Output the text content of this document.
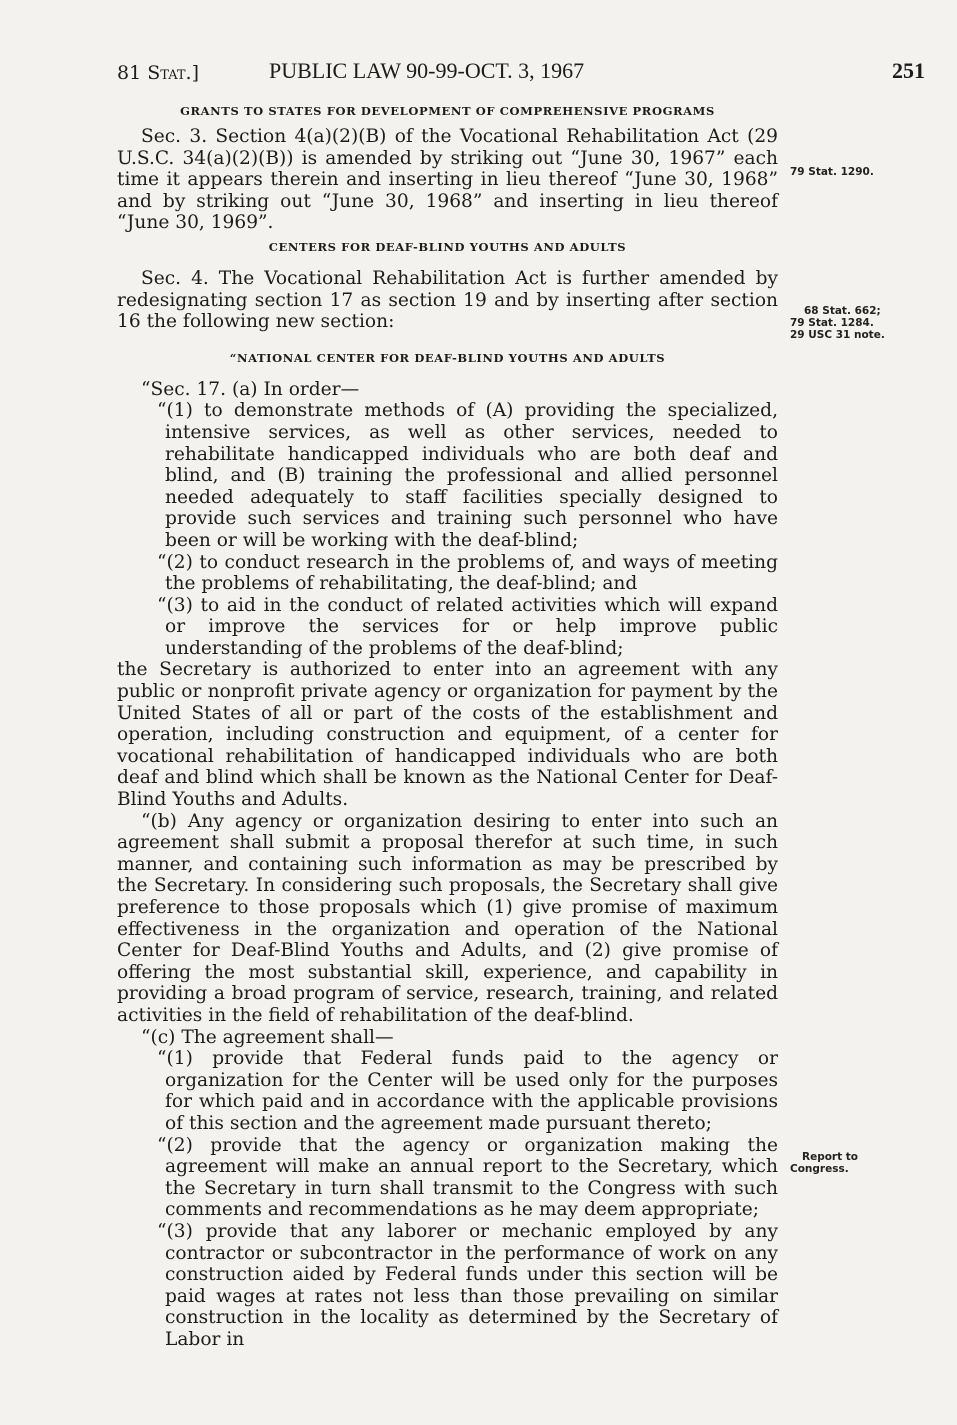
81 Stat.]	PUBLIC LAW 90-99-OCT. 3, 1967	251
GRANTS TO STATES FOR DEVELOPMENT OF COMPREHENSIVE PROGRAMS

Sec. 3. Section 4(a)(2)(B) of the Vocational Rehabilitation Act (29 U.S.C. 34(a)(2)(B)) is amended by striking out “June 30, 1967” each time it appears therein and inserting in lieu thereof “June 30, 1968” and by striking out “June 30, 1968” and inserting in lieu thereof “June 30, 1969”.

CENTERS FOR DEAF-BLIND YOUTHS AND ADULTS

Sec. 4. The Vocational Rehabilitation Act is further amended by redesignating section 17 as section 19 and by inserting after section 16 the following new section:

“NATIONAL CENTER FOR DEAF-BLIND YOUTHS AND ADULTS

“Sec. 17. (a) In order—

“(1) to demonstrate methods of (A) providing the specialized, intensive services, as well as other services, needed to rehabilitate handicapped individuals who are both deaf and blind, and (B) training the professional and allied personnel needed adequately to staff facilities specially designed to provide such services and training such personnel who have been or will be working with the deaf-blind;

“(2) to conduct research in the problems of, and ways of meeting the problems of rehabilitating, the deaf-blind; and

“(3) to aid in the conduct of related activities which will expand or improve the services for or help improve public understanding of the problems of the deaf-blind;

the Secretary is authorized to enter into an agreement with any public or nonprofit private agency or organization for payment by the United States of all or part of the costs of the establishment and operation, including construction and equipment, of a center for vocational rehabilitation of handicapped individuals who are both deaf and blind which shall be known as the National Center for Deaf-Blind Youths and Adults.

“(b) Any agency or organization desiring to enter into such an agreement shall submit a proposal therefor at such time, in such manner, and containing such information as may be prescribed by the Secretary. In considering such proposals, the Secretary shall give preference to those proposals which (1) give promise of maximum effectiveness in the organization and operation of the National Center for Deaf-Blind Youths and Adults, and (2) give promise of offering the most substantial skill, experience, and capability in providing a broad program of service, research, training, and related activities in the field of rehabilitation of the deaf-blind.

“(c) The agreement shall—

“(1) provide that Federal funds paid to the agency or organization for the Center will be used only for the purposes for which paid and in accordance with the applicable provisions of this section and the agreement made pursuant thereto;

“(2) provide that the agency or organization making the agreement will make an annual report to the Secretary, which the Secretary in turn shall transmit to the Congress with such comments and recommendations as he may deem appropriate;

“(3) provide that any laborer or mechanic employed by any contractor or subcontractor in the performance of work on any construction aided by Federal funds under this section will be paid wages at rates not less than those prevailing on similar construction in the locality as determined by the Secretary of Labor in

79 Stat. 1290.
68 Stat. 662;
79 Stat. 1284.
29 USC 31 note.
Report to
Congress.
